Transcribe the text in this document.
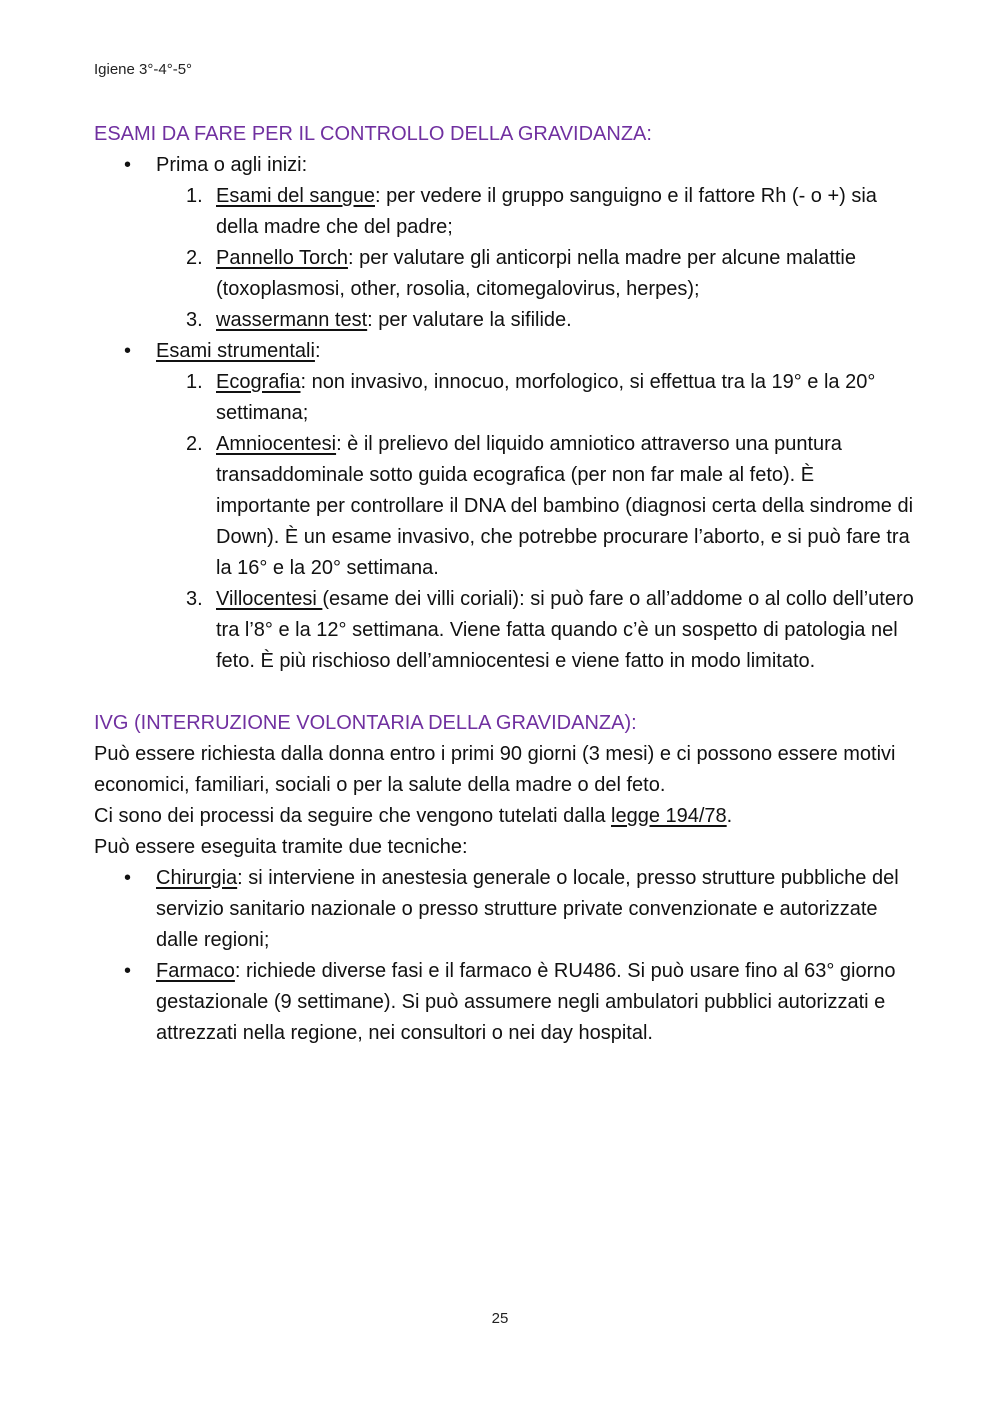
Igiene 3°-4°-5°
ESAMI DA FARE PER IL CONTROLLO DELLA GRAVIDANZA:
• Prima o agli inizi:
1. Esami del sangue: per vedere il gruppo sanguigno e il fattore Rh (- o +) sia della madre che del padre;
2. Pannello Torch: per valutare gli anticorpi nella madre per alcune malattie (toxoplasmosi, other, rosolia, citomegalovirus, herpes);
3. wassermann test: per valutare la sifilide.
• Esami strumentali:
1. Ecografia: non invasivo, innocuo, morfologico, si effettua tra la 19° e la 20° settimana;
2. Amniocentesi: è il prelievo del liquido amniotico attraverso una puntura transaddominale sotto guida ecografica (per non far male al feto). È importante per controllare il DNA del bambino (diagnosi certa della sindrome di Down). È un esame invasivo, che potrebbe procurare l’aborto, e si può fare tra la 16° e la 20° settimana.
3. Villocentesi (esame dei villi coriali): si può fare o all’addome o al collo dell’utero tra l’8° e la 12° settimana. Viene fatta quando c’è un sospetto di patologia nel feto. È più rischioso dell’amniocentesi e viene fatto in modo limitato.
IVG (INTERRUZIONE VOLONTARIA DELLA GRAVIDANZA):

Può essere richiesta dalla donna entro i primi 90 giorni (3 mesi) e ci possono essere motivi economici, familiari, sociali o per la salute della madre o del feto.

Ci sono dei processi da seguire che vengono tutelati dalla legge 194/78.

Può essere eseguita tramite due tecniche:

• Chirurgia: si interviene in anestesia generale o locale, presso strutture pubbliche del servizio sanitario nazionale o presso strutture private convenzionate e autorizzate dalle regioni;
• Farmaco: richiede diverse fasi e il farmaco è RU486. Si può usare fino al 63° giorno gestazionale (9 settimane). Si può assumere negli ambulatori pubblici autorizzati e attrezzati nella regione, nei consultori o nei day hospital.
25
